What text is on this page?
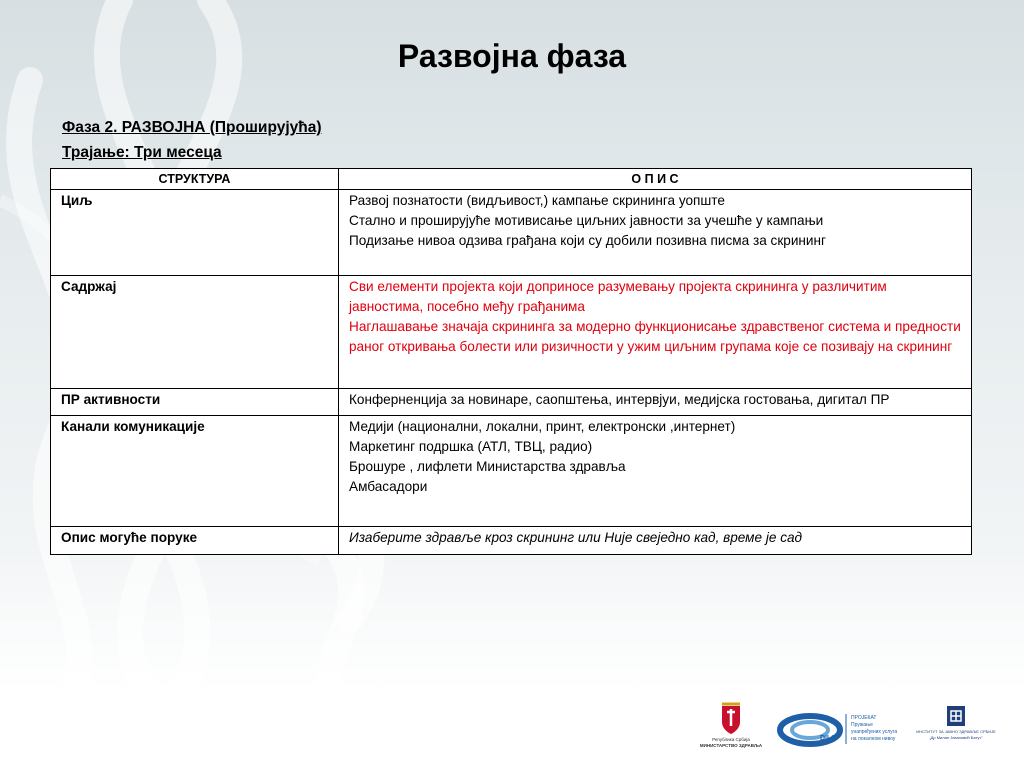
Развојна фаза
Фаза 2. РАЗВОЈНА (Проширујућа)
Трајање: Три месеца
СТРУКТУРА	О П И С
Циљ	Развој познатости (видљивост,) кампање скрининга уопште
Стално и проширујуће мотивисање циљних јавности за учешће у кампањи
Подизање нивоа одзива грађана који су добили позивна писма за скрининг

Садржај	Сви елементи пројекта који доприносе разумевању пројекта скрининга у различитим јавностима, посебно међу грађанима
Наглашавање значаја скрининга за модерно функционисање здравственог система и предности раног откривања болести или ризичности у ужим циљним групама које се позивају на скрининг

ПР активности	Конферненција за новинаре, саопштења, интервјуи, медијска гостовања, дигитал ПР

Канали комуникације	Медији (национални, локални, принт, електронски ,интернет)
Маркетинг подршка (АТЛ, ТВЦ, радио)
Брошуре , лифлети Министарства здравља
Амбасадори

Опис могуће поруке	Изаберите здравље кроз скрининг или Није свеједно кад, време је сад
Република Србија
МИНИСТАРСТВО ЗДРАВЉА
DILS
ПРОЈЕКАТ
Пружање
унапређених услуга
на локалном нивоу
ИНСТИТУТ ЗА ЈАВНО ЗДРАВЉЕ СРБИЈЕ
„Др Милан Јовановић Батут"
